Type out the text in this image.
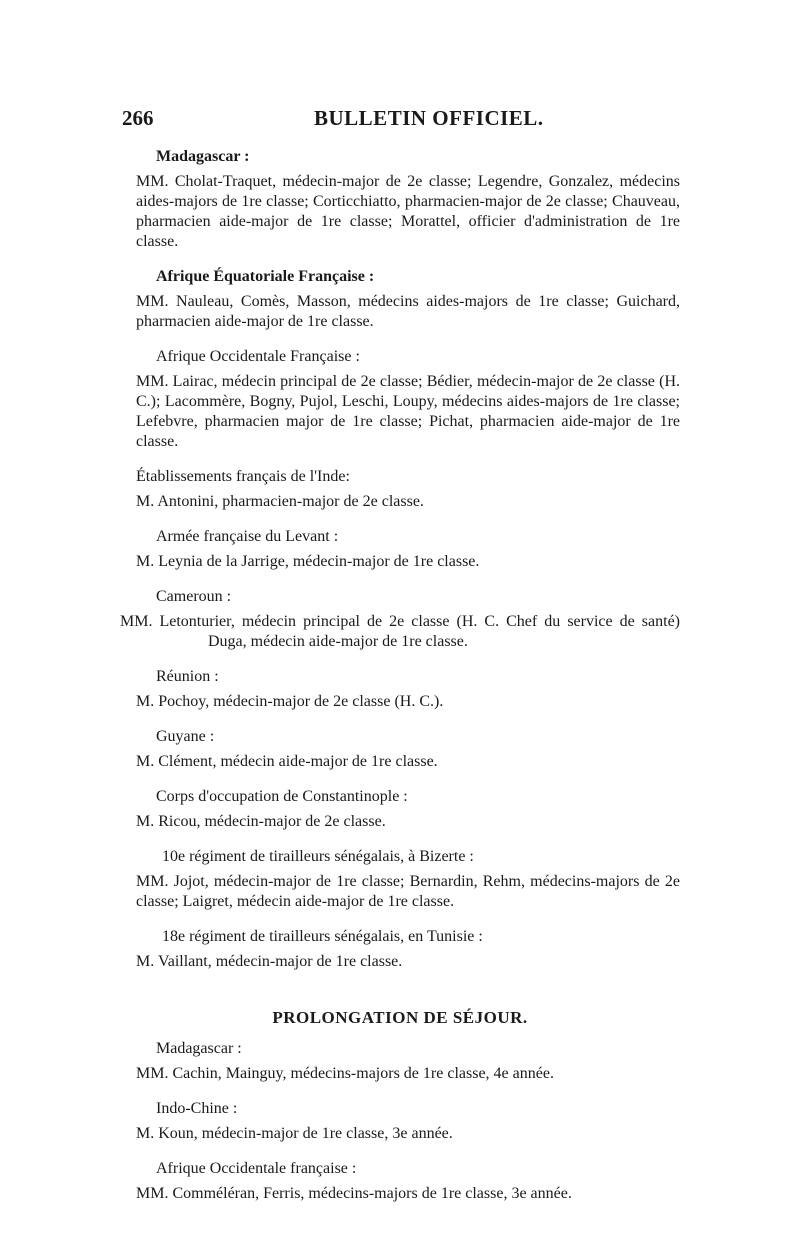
266	BULLETIN OFFICIEL.
Madagascar :
MM. Cholat-Traquet, médecin-major de 2e classe; Legendre, Gonzalez, médecins aides-majors de 1re classe; Corticchiatto, pharmacien-major de 2e classe; Chauveau, pharmacien aide-major de 1re classe; Morattel, officier d'administration de 1re classe.
Afrique Équatoriale Française :
MM. Nauleau, Comès, Masson, médecins aides-majors de 1re classe; Guichard, pharmacien aide-major de 1re classe.
Afrique Occidentale Française :
MM. Lairac, médecin principal de 2e classe; Bédier, médecin-major de 2e classe (H. C.); Lacommère, Bogny, Pujol, Leschi, Loupy, médecins aides-majors de 1re classe; Lefebvre, pharmacien major de 1re classe; Pichat, pharmacien aide-major de 1re classe.
Établissements français de l'Inde:
M. Antonini, pharmacien-major de 2e classe.
Armée française du Levant :
M. Leynia de la Jarrige, médecin-major de 1re classe.
Cameroun :
MM. Letonturier, médecin principal de 2e classe (H. C. Chef du service de santé) Duga, médecin aide-major de 1re classe.
Réunion :
M. Pochoy, médecin-major de 2e classe (H. C.).
Guyane :
M. Clément, médecin aide-major de 1re classe.
Corps d'occupation de Constantinople :
M. Ricou, médecin-major de 2e classe.
10e régiment de tirailleurs sénégalais, à Bizerte :
MM. Jojot, médecin-major de 1re classe; Bernardin, Rehm, médecins-majors de 2e classe; Laigret, médecin aide-major de 1re classe.
18e régiment de tirailleurs sénégalais, en Tunisie :
M. Vaillant, médecin-major de 1re classe.
PROLONGATION DE SÉJOUR.
Madagascar :
MM. Cachin, Mainguy, médecins-majors de 1re classe, 4e année.
Indo-Chine :
M. Koun, médecin-major de 1re classe, 3e année.
Afrique Occidentale française :
MM. Comméléran, Ferris, médecins-majors de 1re classe, 3e année.
